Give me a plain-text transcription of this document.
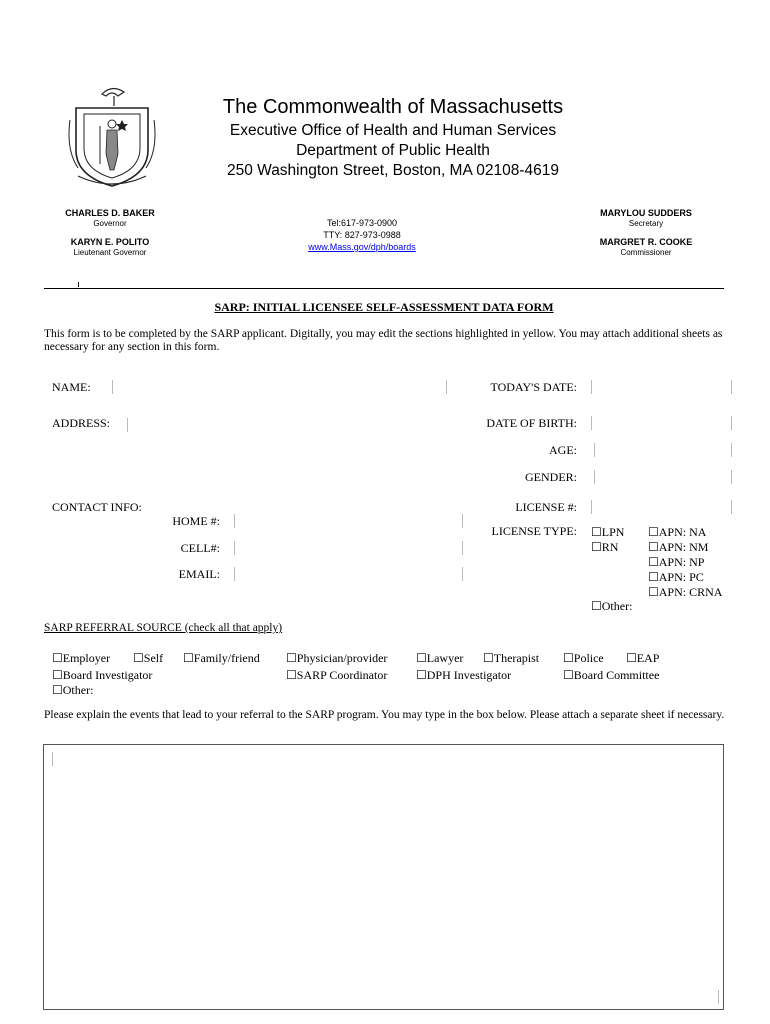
The Commonwealth of Massachusetts
Executive Office of Health and Human Services
Department of Public Health
250 Washington Street, Boston, MA 02108-4619
CHARLES D. BAKER
Governor
KARYN E. POLITO
Lieutenant Governor
Tel:617-973-0900
TTY: 827-973-0988
www.Mass.gov/dph/boards
MARYLOU SUDDERS
Secretary
MARGRET R. COOKE
Commissioner
SARP: INITIAL LICENSEE SELF-ASSESSMENT DATA FORM
This form is to be completed by the SARP applicant. Digitally, you may edit the sections highlighted in yellow. You may attach additional sheets as necessary for any section in this form.
NAME:	TODAY'S DATE:
ADDRESS:	DATE OF BIRTH:
AGE:
GENDER:
CONTACT INFO:	LICENSE #:
HOME #:
LICENSE TYPE:
CELL#:
EMAIL:
☐ LPN
☐ RN
☐ APN: NA
☐ APN: NM
☐ APN: NP
☐ APN: PC
☐ APN: CRNA
☐ Other:
SARP REFERRAL SOURCE (check all that apply)
☐ Employer	☐ Self	☐ Family/friend	☐ Physician/provider	☐ Lawyer	☐ Therapist	☐ Police	☐ EAP
☐ Board Investigator	☐ SARP Coordinator	☐ DPH Investigator	☐ Board Committee
☐ Other:
Please explain the events that lead to your referral to the SARP program. You may type in the box below. Please attach a separate sheet if necessary.
